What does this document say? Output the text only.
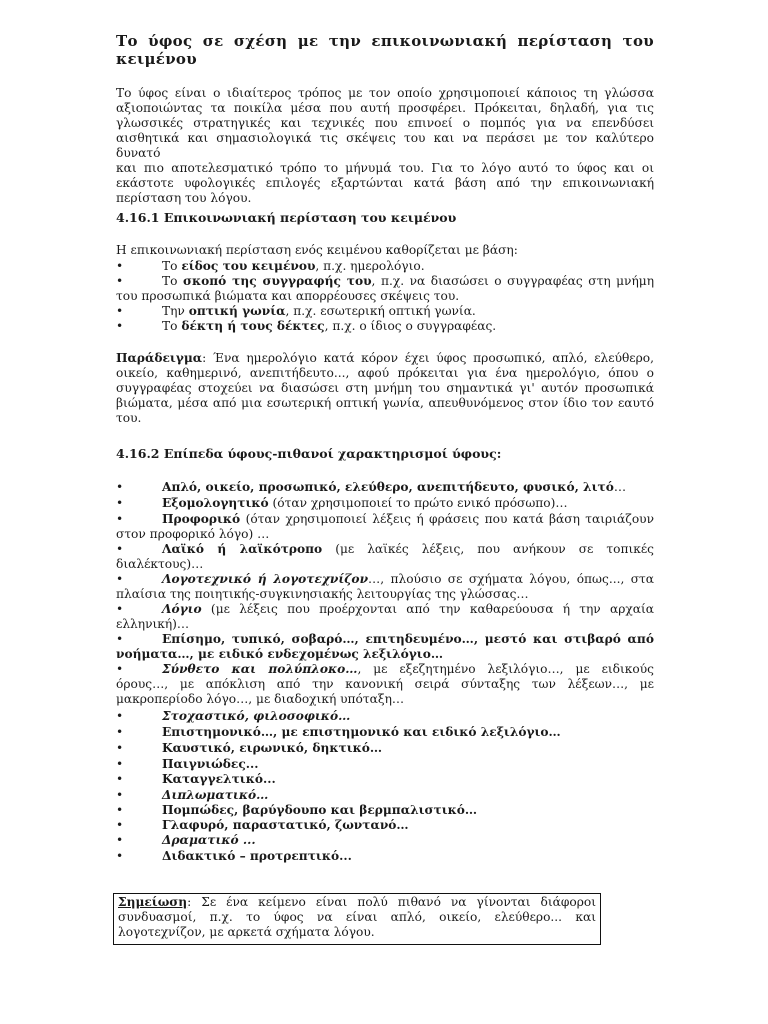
Το ύφος σε σχέση με την επικοινωνιακή περίσταση του
κειμένου
Το ύφος είναι ο ιδιαίτερος τρόπος με τον οποίο χρησιμοποιεί κάποιος τη γλώσσα
αξιοποιώντας τα ποικίλα μέσα που αυτή προσφέρει. Πρόκειται, δηλαδή, για τις
γλωσσικές στρατηγικές και τεχνικές που επινοεί ο πομπός για να επενδύσει
αισθητικά και σημασιολογικά τις σκέψεις του και να περάσει με τον καλύτερο δυνατό
και πιο αποτελεσματικό τρόπο το μήνυμά του. Για το λόγο αυτό το ύφος και οι
εκάστοτε υφολογικές επιλογές εξαρτώνται κατά βάση από την επικοινωνιακή
περίσταση του λόγου.
4.16.1 Επικοινωνιακή περίσταση του κειμένου
Η επικοινωνιακή περίσταση ενός κειμένου καθορίζεται με βάση:
•	Το είδος του κειμένου, π.χ. ημερολόγιο.
•	Το σκοπό της συγγραφής του, π.χ. να διασώσει ο συγγραφέας στη μνήμη
του προσωπικά βιώματα και απορρέουσες σκέψεις του.
•	Την οπτική γωνία, π.χ. εσωτερική οπτική γωνία.
•	Το δέκτη ή τους δέκτες, π.χ. ο ίδιος ο συγγραφέας.
Παράδειγμα: Ένα ημερολόγιο κατά κόρον έχει ύφος προσωπικό, απλό, ελεύθερο,
οικείο, καθημερινό, ανεπιτήδευτο..., αφού πρόκειται για ένα ημερολόγιο, όπου ο
συγγραφέας στοχεύει να διασώσει στη μνήμη του σημαντικά γι' αυτόν προσωπικά
βιώματα, μέσα από μια εσωτερική οπτική γωνία, απευθυνόμενος στον ίδιο τον εαυτό
του.
4.16.2 Επίπεδα ύφους-πιθανοί χαρακτηρισμοί ύφους:
•	Απλό, οικείο, προσωπικό, ελεύθερο, ανεπιτήδευτο, φυσικό, λιτό…
•	Εξομολογητικό (όταν χρησιμοποιεί το πρώτο ενικό πρόσωπο)…
•	Προφορικό (όταν χρησιμοποιεί λέξεις ή φράσεις που κατά βάση ταιριάζουν
στον προφορικό λόγο) …
•	Λαϊκό ή λαϊκότροπο (με λαϊκές λέξεις, που ανήκουν σε τοπικές
διαλέκτους)…
•	Λογοτεχνικό ή λογοτεχνίζον…, πλούσιο σε σχήματα λόγου, όπως..., στα
πλαίσια της ποιητικής-συγκινησιακής λειτουργίας της γλώσσας…
•	Λόγιο (με λέξεις που προέρχονται από την καθαρεύουσα ή την αρχαία
ελληνική)…
•	Επίσημο, τυπικό, σοβαρό…, επιτηδευμένο…, μεστό και στιβαρό από
νοήματα…, με ειδικό ενδεχομένως λεξιλόγιο…
•	Σύνθετο και πολύπλοκο…, με εξεζητημένο λεξιλόγιο…, με ειδικούς
όρους…, με απόκλιση από την κανονική σειρά σύνταξης των λέξεων…, με
μακροπερίοδο λόγο…, με διαδοχική υπόταξη…
•	Στοχαστικό, φιλοσοφικό…
•	Επιστημονικό…, με επιστημονικό και ειδικό λεξιλόγιο…
•	Καυστικό, ειρωνικό, δηκτικό…
•	Παιγνιώδες...
•	Καταγγελτικό...
•	Διπλωματικό…
•	Πομπώδες, βαρύγδουπο και βερμπαλιστικό…
•	Γλαφυρό, παραστατικό, ζωντανό…
•	Δραματικό ...
•	Διδακτικό – προτρεπτικό...
Σημείωση: Σε ένα κείμενο είναι πολύ πιθανό να γίνονται διάφοροι
συνδυασμοί, π.χ. το ύφος να είναι απλό, οικείο, ελεύθερο... και
λογοτεχνίζον, με αρκετά σχήματα λόγου.
